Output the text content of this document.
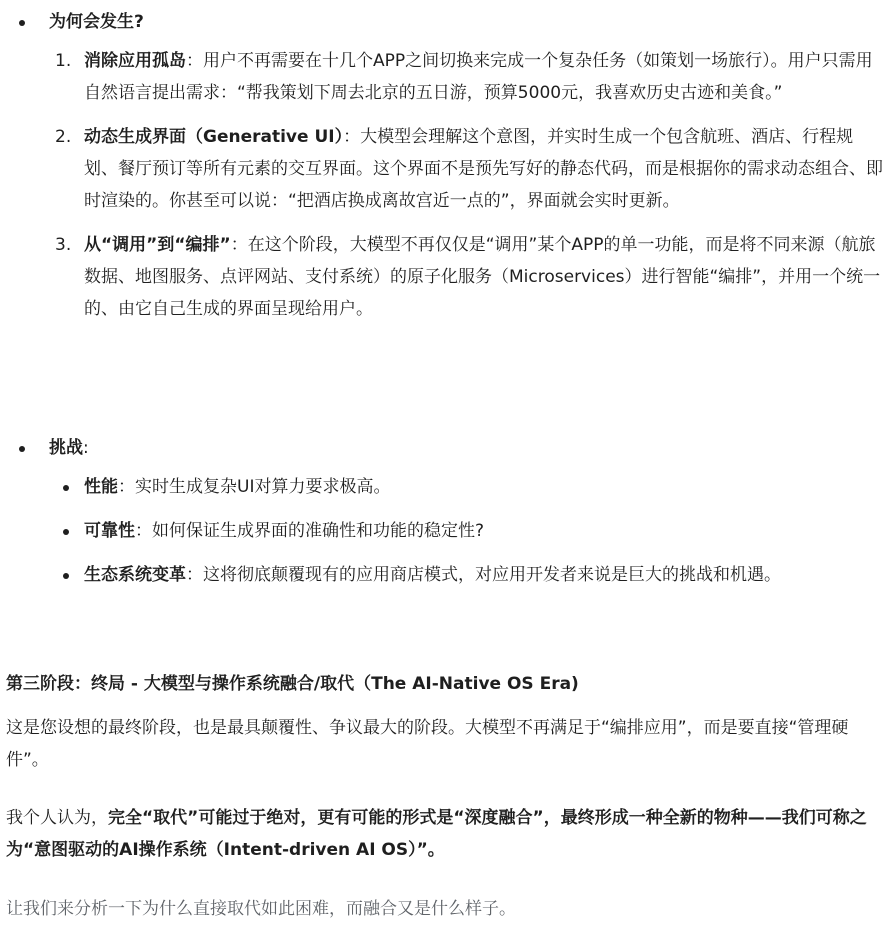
为何会发生?
1. 消除应用孤岛：用户不再需要在十几个APP之间切换来完成一个复杂任务（如策划一场旅行）。用户只需用自然语言提出需求：“帮我策划下周去北京的五日游，预算5000元，我喜欢历史古迹和美食。”
2. 动态生成界面（Generative UI）：大模型会理解这个意图，并实时生成一个包含航班、酒店、行程规划、餐厅预订等所有元素的交互界面。这个界面不是预先写好的静态代码，而是根据你的需求动态组合、即时渲染的。你甚至可以说：“把酒店换成离故宫近一点的”，界面就会实时更新。
3. 从“调用”到“编排”：在这个阶段，大模型不再仅仅是“调用”某个APP的单一功能，而是将不同来源（航旅数据、地图服务、点评网站、支付系统）的原子化服务（Microservices）进行智能“编排”，并用一个统一的、由它自己生成的界面呈现给用户。
挑战:
性能：实时生成复杂UI对算力要求极高。
可靠性：如何保证生成界面的准确性和功能的稳定性?
生态系统变革：这将彻底颠覆现有的应用商店模式，对应用开发者来说是巨大的挑战和机遇。
第三阶段：终局 - 大模型与操作系统融合/取代（The AI-Native OS Era)
这是您设想的最终阶段，也是最具颠覆性、争议最大的阶段。大模型不再满足于“编排应用”，而是要直接“管理硬件”。
我个人认为，完全“取代”可能过于绝对，更有可能的形式是“深度融合”，最终形成一种全新的物种——我们可称之为“意图驱动的AI操作系统（Intent-driven AI OS）”。
让我们来分析一下为什么直接取代如此困难，而融合又是什么样子。
